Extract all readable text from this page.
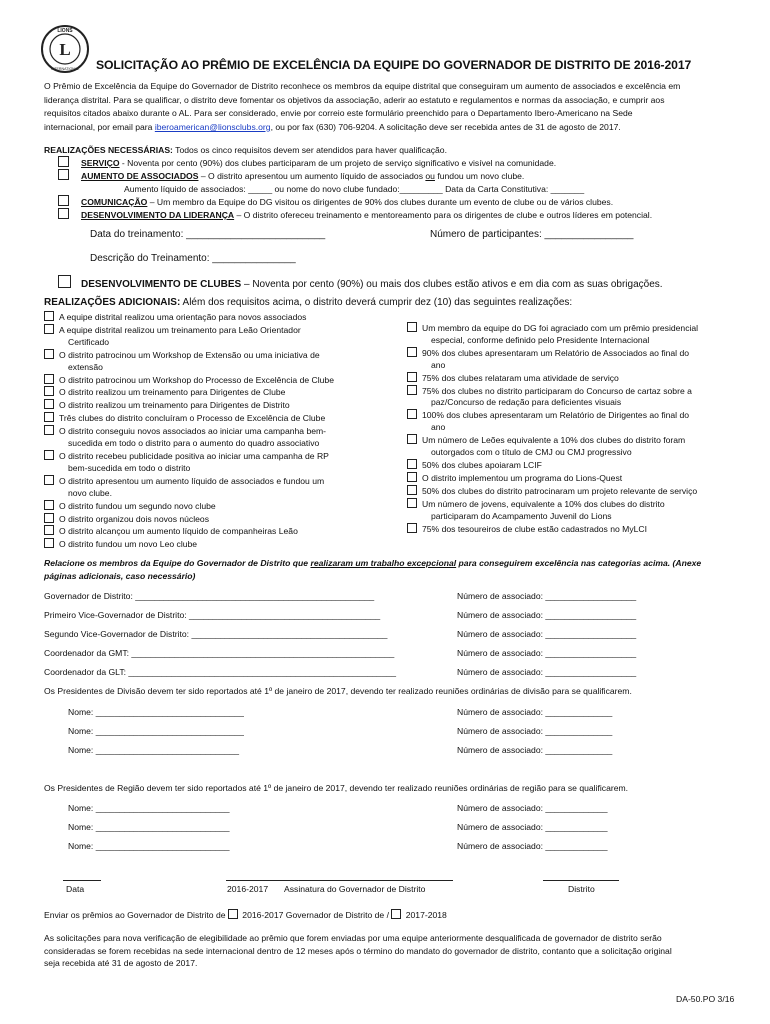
L
LIONS
INTERNATIONAL SOLICITAÇÃO AO PRÊMIO DE EXCELÊNCIA DA EQUIPE DO GOVERNADOR DE DISTRITO DE 2016-2017
O Prêmio de Excelência da Equipe do Governador de Distrito reconhece os membros da equipe distrital que conseguiram um aumento de associados e excelência em
liderança distrital. Para se qualificar, o distrito deve fomentar os objetivos da associação, aderir ao estatuto e regulamentos e normas da associação, e cumprir aos
requisitos citados abaixo durante o AL. Para ser considerado, envie por correio este formulário preenchido para o Departamento Ibero-Americano na Sede
internacional, por email para iberoamerican@lionsclubs.org, ou por fax (630) 706-9204. A solicitação deve ser recebida antes de 31 de agosto de 2017.
REALIZAÇÕES NECESSÁRIAS: Todos os cinco requisitos devem ser atendidos para haver qualificação.
SERVIÇO - Noventa por cento (90%) dos clubes participaram de um projeto de serviço significativo e visível na comunidade.
AUMENTO DE ASSOCIADOS – O distrito apresentou um aumento líquido de associados ou fundou um novo clube.
Aumento líquido de associados: _____ ou nome do novo clube fundado:_________ Data da Carta Constitutiva: _______
COMUNICAÇÃO – Um membro da Equipe do DG visitou os dirigentes de 90% dos clubes durante um evento de clube ou de vários clubes.
DESENVOLVIMENTO DA LIDERANÇA – O distrito ofereceu treinamento e mentoreamento para os dirigentes de clube e outros líderes em potencial.
Data do treinamento: _________________________	Número de participantes: ________________
Descrição do Treinamento: _______________
DESENVOLVIMENTO DE CLUBES – Noventa por cento (90%) ou mais dos clubes estão ativos e em dia com as suas obrigações.
REALIZAÇÕES ADICIONAIS: Além dos requisitos acima, o distrito deverá cumprir dez (10) das seguintes realizações:
A equipe distrital realizou uma orientação para novos associados
A equipe distrital realizou um treinamento para Leão Orientador
Certificado
O distrito patrocinou um Workshop de Extensão ou uma iniciativa de
extensão
O distrito patrocinou um Workshop do Processo de Excelência de Clube
O distrito realizou um treinamento para Dirigentes de Clube
O distrito realizou um treinamento para Dirigentes de Distrito
Três clubes do distrito concluíram o Processo de Excelência de Clube
O distrito conseguiu novos associados ao iniciar uma campanha bem-
sucedida em todo o distrito para o aumento do quadro associativo
O distrito recebeu publicidade positiva ao iniciar uma campanha de RP
bem-sucedida em todo o distrito
O distrito apresentou um aumento líquido de associados e fundou um
novo clube.
O distrito fundou um segundo novo clube
O distrito organizou dois novos núcleos
O distrito alcançou um aumento líquido de companheiras Leão
O distrito fundou um novo Leo clube
Um membro da equipe do DG foi agraciado com um prêmio presidencial
especial, conforme definido pelo Presidente Internacional
90% dos clubes apresentaram um Relatório de Associados ao final do
ano
75% dos clubes relataram uma atividade de serviço
75% dos clubes no distrito participaram do Concurso de cartaz sobre a
paz/Concurso de redação para deficientes visuais
100% dos clubes apresentaram um Relatório de Dirigentes ao final do
ano
Um número de Leões equivalente a 10% dos clubes do distrito foram
outorgados com o título de CMJ ou CMJ progressivo
50% dos clubes apoiaram LCIF
O distrito implementou um programa do Lions-Quest
50% dos clubes do distrito patrocinaram um projeto relevante de serviço
Um número de jovens, equivalente a 10% dos clubes do distrito
participaram do Acampamento Juvenil do Lions
75% dos tesoureiros de clube estão cadastrados no MyLCI
Relacione os membros da Equipe do Governador de Distrito que realizaram um trabalho excepcional para conseguirem excelência nas categorias acima. (Anexe
páginas adicionais, caso necessário)
Governador de Distrito: __________________________________________________	Número de associado: ___________________
Primeiro Vice-Governador de Distrito: ________________________________________	Número de associado: ___________________
Segundo Vice-Governador de Distrito: _________________________________________	Número de associado: ___________________
Coordenador da GMT: _______________________________________________________	Número de associado: ___________________
Coordenador da GLT: ________________________________________________________	Número de associado: ___________________
Os Presidentes de Divisão devem ter sido reportados até 1º de janeiro de 2017, devendo ter realizado reuniões ordinárias de divisão para se qualificarem.
Nome: _______________________________	Número de associado: ______________
Nome: _______________________________	Número de associado: ______________
Nome: ______________________________	Número de associado: ______________
Os Presidentes de Região devem ter sido reportados até 1º de janeiro de 2017, devendo ter realizado reuniões ordinárias de região para se qualificarem.
Nome: ____________________________	Número de associado: _____________
Nome: ____________________________	Número de associado: _____________
Nome: ____________________________	Número de associado: _____________
Data	2016-2017 Assinatura do Governador de Distrito	Distrito
Enviar os prêmios ao Governador de Distrito de  2016-2017 Governador de Distrito de /  2017-2018
As solicitações para nova verificação de elegibilidade ao prêmio que forem enviadas por uma equipe anteriormente desqualificada de governador de distrito serão
consideradas se forem recebidas na sede internacional dentro de 12 meses após o término do mandato do governador de distrito, contanto que a solicitação original
seja recebida até 31 de agosto de 2017.
DA-50.PO 3/16
